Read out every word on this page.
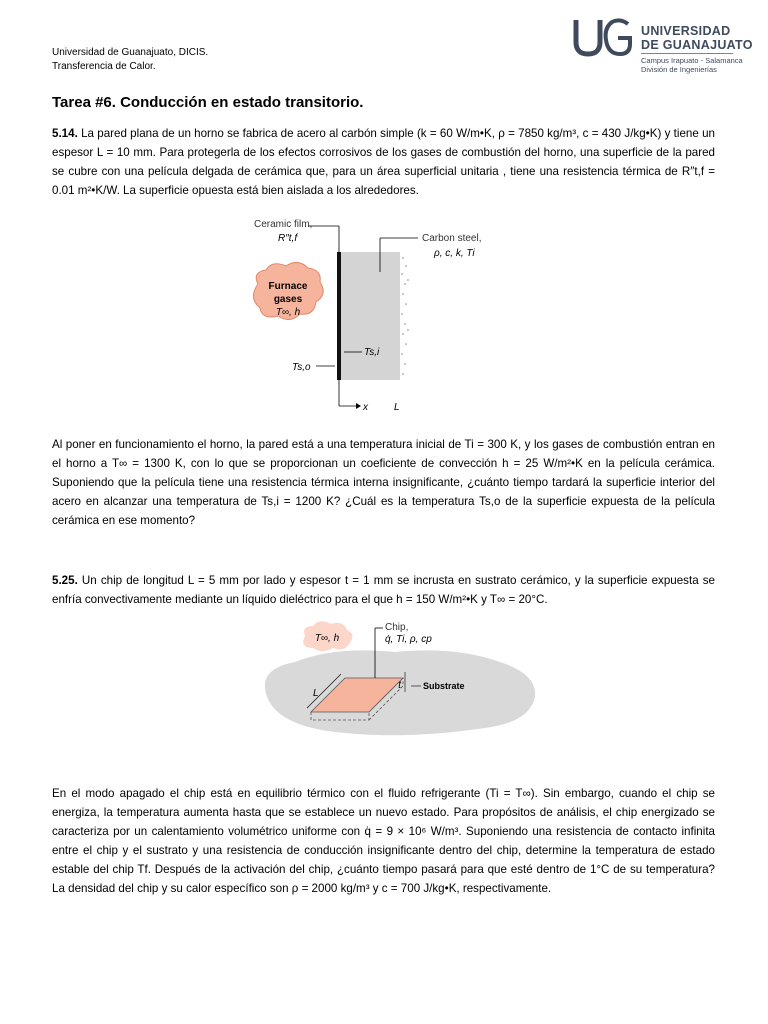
Universidad de Guanajuato, DICIS.
Transferencia de Calor.
UNIVERSIDAD
DE GUANAJUATO
Campus Irapuato - Salamanca
División de Ingenierías
Tarea #6. Conducción en estado transitorio.
5.14. La pared plana de un horno se fabrica de acero al carbón simple (k = 60 W/m•K, ρ = 7850 kg/m³, c = 430 J/kg•K) y tiene un espesor L = 10 mm. Para protegerla de los efectos corrosivos de los gases de combustión del horno, una superficie de la pared se cubre con una película delgada de cerámica que, para un área superficial unitaria , tiene una resistencia térmica de R″t,f = 0.01 m²•K/W. La superficie opuesta está bien aislada a los alrededores.
Furnace
gases
T∞, h
Ceramic film,
R″t,f	Carbon steel,
ρ, c, k, Ti
Ts,i
Ts,o
x	L
Al poner en funcionamiento el horno, la pared está a una temperatura inicial de Ti = 300 K, y los gases de combustión entran en el horno a T∞ = 1300 K, con lo que se proporcionan un coeficiente de convección h = 25 W/m²•K en la película cerámica. Suponiendo que la película tiene una resistencia térmica interna insignificante, ¿cuánto tiempo tardará la superficie interior del acero en alcanzar una temperatura de Ts,i = 1200 K? ¿Cuál es la temperatura Ts,o de la superficie expuesta de la película cerámica en ese momento?
5.25. Un chip de longitud L = 5 mm por lado y espesor t = 1 mm se incrusta en sustrato cerámico, y la superficie expuesta se enfría convectivamente mediante un líquido dieléctrico para el que h = 150 W/m²•K y T∞ = 20°C.
T∞, h
Chip,
q̇, Ti, ρ, cp
t Substrate
L
En el modo apagado el chip está en equilibrio térmico con el fluido refrigerante (Ti = T∞). Sin embargo, cuando el chip se energiza, la temperatura aumenta hasta que se establece un nuevo estado. Para propósitos de análisis, el chip energizado se caracteriza por un calentamiento volumétrico uniforme con q̇ = 9 × 10⁶ W/m³. Suponiendo una resistencia de contacto infinita entre el chip y el sustrato y una resistencia de conducción insignificante dentro del chip, determine la temperatura de estado estable del chip Tf. Después de la activación del chip, ¿cuánto tiempo pasará para que esté dentro de 1°C de su temperatura? La densidad del chip y su calor específico son ρ = 2000 kg/m³ y c = 700 J/kg•K, respectivamente.
